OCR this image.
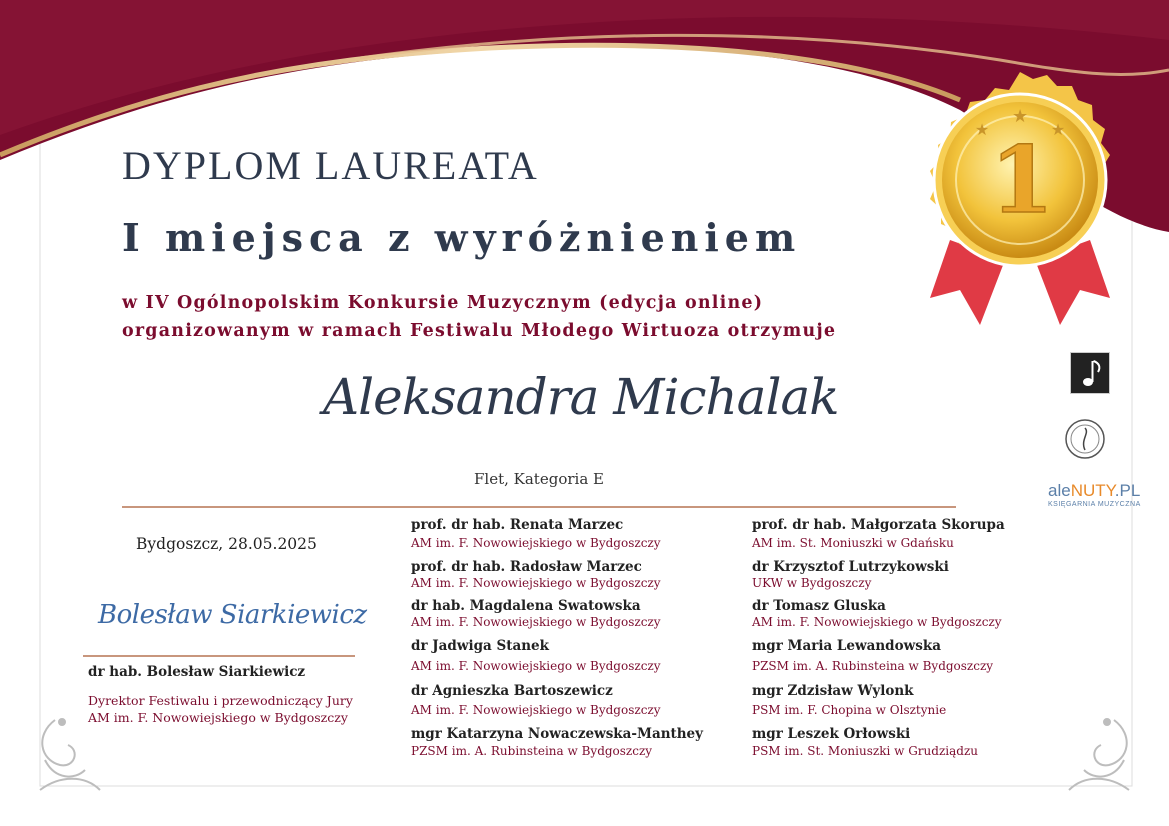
1
★
★
★
DYPLOM LAUREATA
I miejsca z wyróżnieniem
w IV Ogólnopolskim Konkursie Muzycznym (edycja online)
organizowanym w ramach Festiwalu Młodego Wirtuoza otrzymuje
Aleksandra Michalak
Flet, Kategoria E
Bydgoszcz, 28.05.2025
Bolesław Siarkiewicz
dr hab. Bolesław Siarkiewicz
Dyrektor Festiwalu i przewodniczący Jury
AM im. F. Nowowiejskiego w Bydgoszczy
prof. dr hab. Renata Marzec
AM im. F. Nowowiejskiego w Bydgoszczy
prof. dr hab. Radosław Marzec
AM im. F. Nowowiejskiego w Bydgoszczy
dr hab. Magdalena Swatowska
AM im. F. Nowowiejskiego w Bydgoszczy
dr Jadwiga Stanek
AM im. F. Nowowiejskiego w Bydgoszczy
dr Agnieszka Bartoszewicz
AM im. F. Nowowiejskiego w Bydgoszczy
mgr Katarzyna Nowaczewska-Manthey
PZSM im. A. Rubinsteina w Bydgoszczy
prof. dr hab. Małgorzata Skorupa
AM im. St. Moniuszki w Gdańsku
dr Krzysztof Lutrzykowski
UKW w Bydgoszczy
dr Tomasz Gluska
AM im. F. Nowowiejskiego w Bydgoszczy
mgr Maria Lewandowska
PZSM im. A. Rubinsteina w Bydgoszczy
mgr Zdzisław Wylonk
PSM im. F. Chopina w Olsztynie
mgr Leszek Orłowski
PSM im. St. Moniuszki w Grudziądzu
aleNUTY.PL
KSIĘGARNIA MUZYCZNA
